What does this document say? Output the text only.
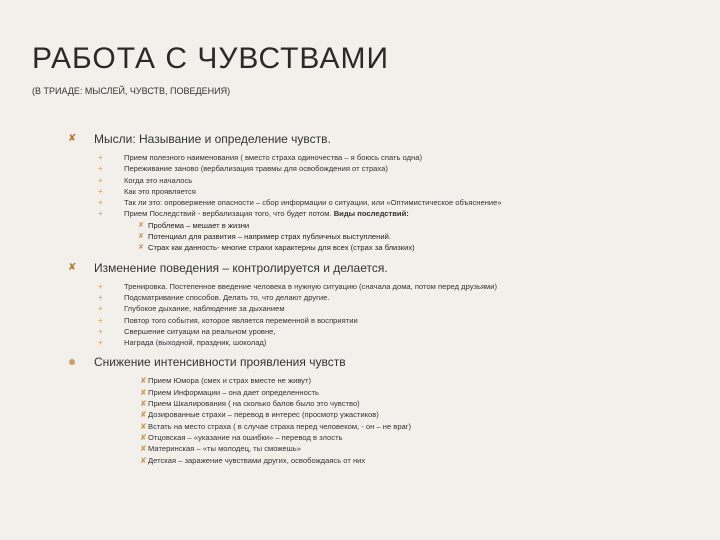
РАБОТА С ЧУВСТВАМИ
(В ТРИАДЕ: МЫСЛЕЙ, ЧУВСТВ, ПОВЕДЕНИЯ)
✘ Мысли: Называние и определение чувств.
+	Прием полезного наименования ( вместо страха одиночества – я боюсь спать одна)
+	Переживание заново (вербализация травмы для освобождения от страха)
+	Когда это началось
+	Как это проявляется
+	Так ли это: опровержение опасности – сбор информации о ситуации, или «Оптимистическое объяснение»
+	Прием Последствий - вербализация того, что будет потом. Виды последствий:
✘ Проблема – мешает в жизни
✘ Потенциал для развития – например страх публичных выступлений.
✘ Страх как данность- многие страхи характерны для всех (страх за близких)
✘ Изменение поведения – контролируется и делается.
+	Тренировка. Постепенное введение человека в нужную ситуацию (сначала дома, потом перед друзьями)
+	Подсматривание способов. Делать то, что делают другие.
+	Глубокое дыхание, наблюдение за дыханием
+	Повтор того события, которое является переменной в восприятии
+	Свершение ситуации на реальном уровне,
+	Награда (выходной, праздник, шоколад)
Снижение интенсивности проявления чувств
✘ Прием Юмора (смех и страх вместе не живут)
✘ Прием Информации – она дает определенность
✘ Прием Шкалирования ( на сколько балов было это чувство)
✘ Дозированные страхи – перевод в интерес (просмотр ужастиков)
✘ Встать на место страха ( в случае страха перед человеком, - он – не враг)
✘ Отцовская – «указание на ошибки» – перевод в злость
✘ Материнская – «ты молодец, ты сможешь»
✘ Детская – заражение чувствами других, освобождаясь от них
